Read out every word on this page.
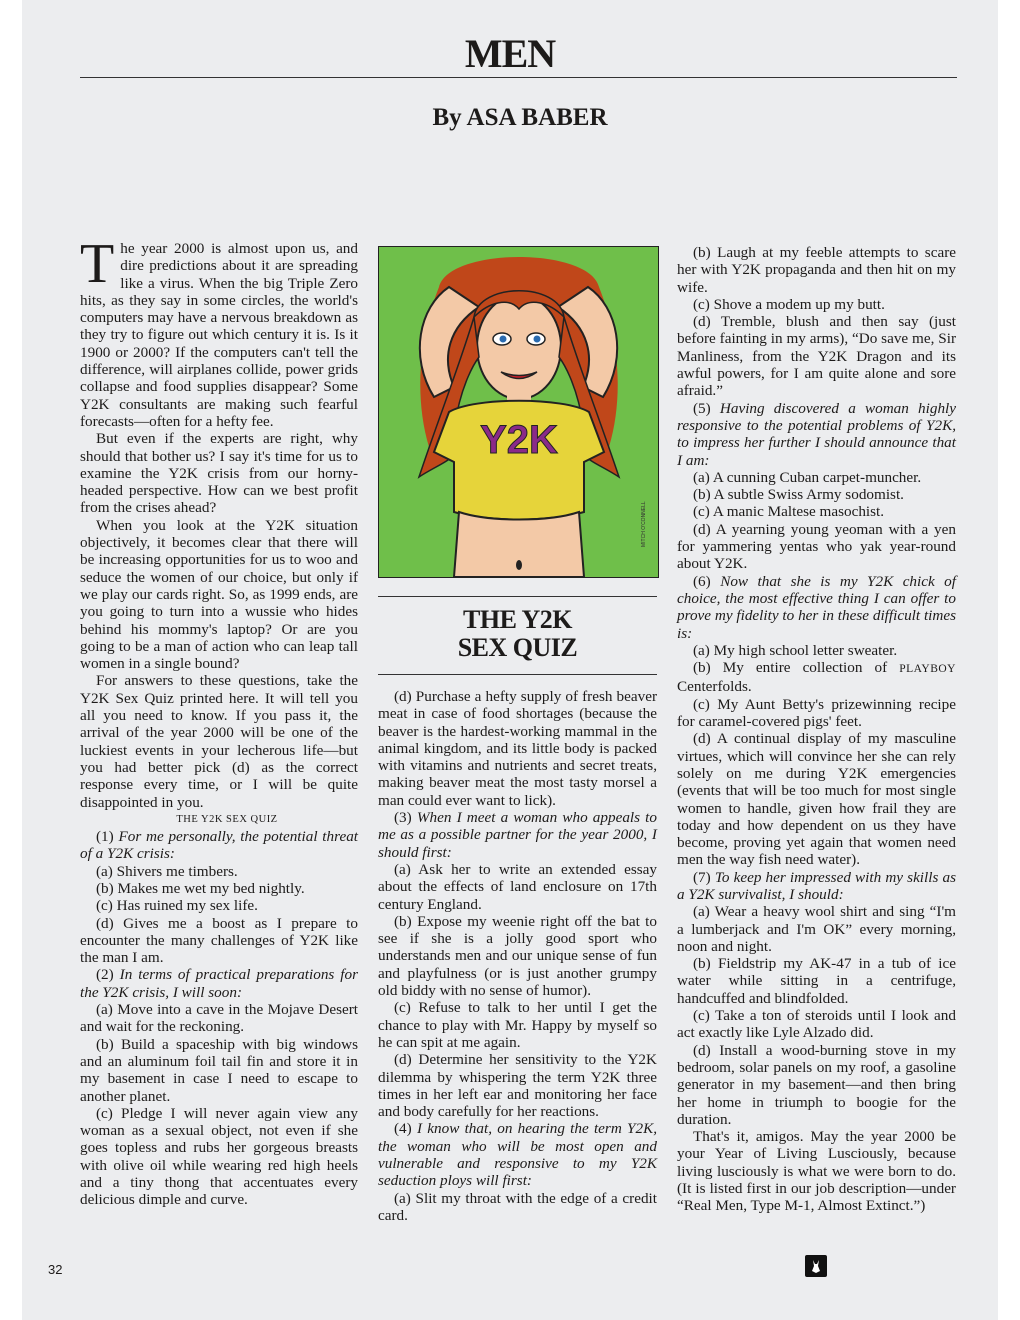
MEN
By ASA BABER

The year 2000 is almost upon us, and dire predictions about it are spreading like a virus. When the big Triple Zero hits, as they say in some circles, the world's computers may have a nervous breakdown as they try to figure out which century it is. Is it 1900 or 2000? If the computers can't tell the difference, will airplanes collide, power grids collapse and food supplies disappear? Some Y2K consultants are making such fearful forecasts—often for a hefty fee.

But even if the experts are right, why should that bother us? I say it's time for us to examine the Y2K crisis from our horny-headed perspective. How can we best profit from the crises ahead?

When you look at the Y2K situation objectively, it becomes clear that there will be increasing opportunities for us to woo and seduce the women of our choice, but only if we play our cards right. So, as 1999 ends, are you going to turn into a wussie who hides behind his mommy's laptop? Or are you going to be a man of action who can leap tall women in a single bound?

For answers to these questions, take the Y2K Sex Quiz printed here. It will tell you all you need to know. If you pass it, the arrival of the year 2000 will be one of the luckiest events in your lecherous life—but you had better pick (d) as the correct response every time, or I will be quite disappointed in you.

THE Y2K SEX QUIZ

(1) For me personally, the potential threat of a Y2K crisis:

(a) Shivers me timbers.

(b) Makes me wet my bed nightly.

(c) Has ruined my sex life.

(d) Gives me a boost as I prepare to encounter the many challenges of Y2K like the man I am.

(2) In terms of practical preparations for the Y2K crisis, I will soon:

(a) Move into a cave in the Mojave Desert and wait for the reckoning.

(b) Build a spaceship with big windows and an aluminum foil tail fin and store it in my basement in case I need to escape to another planet.

(c) Pledge I will never again view any woman as a sexual object, not even if she goes topless and rubs her gorgeous breasts with olive oil while wearing red high heels and a tiny thong that accentuates every delicious dimple and curve.

Y2K
MITCH O'CONNELL
THE Y2K
SEX QUIZ

(d) Purchase a hefty supply of fresh beaver meat in case of food shortages (because the beaver is the hardest-working mammal in the animal kingdom, and its little body is packed with vitamins and nutrients and secret treats, making beaver meat the most tasty morsel a man could ever want to lick).

(3) When I meet a woman who appeals to me as a possible partner for the year 2000, I should first:

(a) Ask her to write an extended essay about the effects of land enclosure on 17th century England.

(b) Expose my weenie right off the bat to see if she is a jolly good sport who understands men and our unique sense of fun and playfulness (or is just another grumpy old biddy with no sense of humor).

(c) Refuse to talk to her until I get the chance to play with Mr. Happy by myself so he can spit at me again.

(d) Determine her sensitivity to the Y2K dilemma by whispering the term Y2K three times in her left ear and monitoring her face and body carefully for her reactions.

(4) I know that, on hearing the term Y2K, the woman who will be most open and vulnerable and responsive to my Y2K seduction ploys will first:

(a) Slit my throat with the edge of a credit card.

(b) Laugh at my feeble attempts to scare her with Y2K propaganda and then hit on my wife.

(c) Shove a modem up my butt.

(d) Tremble, blush and then say (just before fainting in my arms), “Do save me, Sir Manliness, from the Y2K Dragon and its awful powers, for I am quite alone and sore afraid.”

(5) Having discovered a woman highly responsive to the potential problems of Y2K, to impress her further I should announce that I am:

(a) A cunning Cuban carpet-muncher.

(b) A subtle Swiss Army sodomist.

(c) A manic Maltese masochist.

(d) A yearning young yeoman with a yen for yammering yentas who yak year-round about Y2K.

(6) Now that she is my Y2K chick of choice, the most effective thing I can offer to prove my fidelity to her in these difficult times is:

(a) My high school letter sweater.

(b) My entire collection of PLAYBOY Centerfolds.

(c) My Aunt Betty's prizewinning recipe for caramel-covered pigs' feet.

(d) A continual display of my masculine virtues, which will convince her she can rely solely on me during Y2K emergencies (events that will be too much for most single women to handle, given how frail they are today and how dependent on us they have become, proving yet again that women need men the way fish need water).

(7) To keep her impressed with my skills as a Y2K survivalist, I should:

(a) Wear a heavy wool shirt and sing “I'm a lumberjack and I'm OK” every morning, noon and night.

(b) Fieldstrip my AK-47 in a tub of ice water while sitting in a centrifuge, handcuffed and blindfolded.

(c) Take a ton of steroids until I look and act exactly like Lyle Alzado did.

(d) Install a wood-burning stove in my bedroom, solar panels on my roof, a gasoline generator in my basement—and then bring her home in triumph to boogie for the duration.

That's it, amigos. May the year 2000 be your Year of Living Lusciously, because living lusciously is what we were born to do. (It is listed first in our job description—under “Real Men, Type M-1, Almost Extinct.”)

32
